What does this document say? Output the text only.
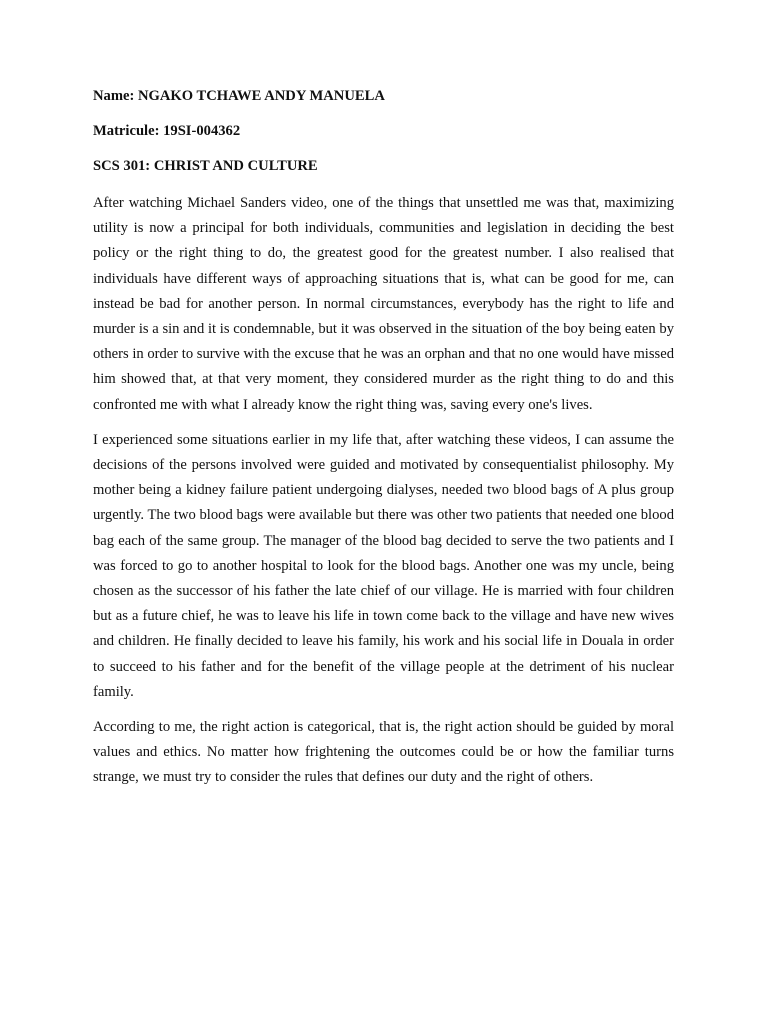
Name: NGAKO TCHAWE ANDY MANUELA
Matricule: 19SI-004362
SCS 301: CHRIST AND CULTURE

After watching Michael Sanders video, one of the things that unsettled me was that, maximizing utility is now a principal for both individuals, communities and legislation in deciding the best policy or the right thing to do, the greatest good for the greatest number. I also realised that individuals have different ways of approaching situations that is, what can be good for me, can instead be bad for another person. In normal circumstances, everybody has the right to life and murder is a sin and it is condemnable, but it was observed in the situation of the boy being eaten by others in order to survive with the excuse that he was an orphan and that no one would have missed him showed that, at that very moment, they considered murder as the right thing to do and this confronted me with what I already know the right thing was, saving every one's lives.

I experienced some situations earlier in my life that, after watching these videos, I can assume the decisions of the persons involved were guided and motivated by consequentialist philosophy. My mother being a kidney failure patient undergoing dialyses, needed two blood bags of A plus group urgently. The two blood bags were available but there was other two patients that needed one blood bag each of the same group. The manager of the blood bag decided to serve the two patients and I was forced to go to another hospital to look for the blood bags. Another one was my uncle, being chosen as the successor of his father the late chief of our village. He is married with four children but as a future chief, he was to leave his life in town come back to the village and have new wives and children. He finally decided to leave his family, his work and his social life in Douala in order to succeed to his father and for the benefit of the village people at the detriment of his nuclear family.

According to me, the right action is categorical, that is, the right action should be guided by moral values and ethics. No matter how frightening the outcomes could be or how the familiar turns strange, we must try to consider the rules that defines our duty and the right of others.
